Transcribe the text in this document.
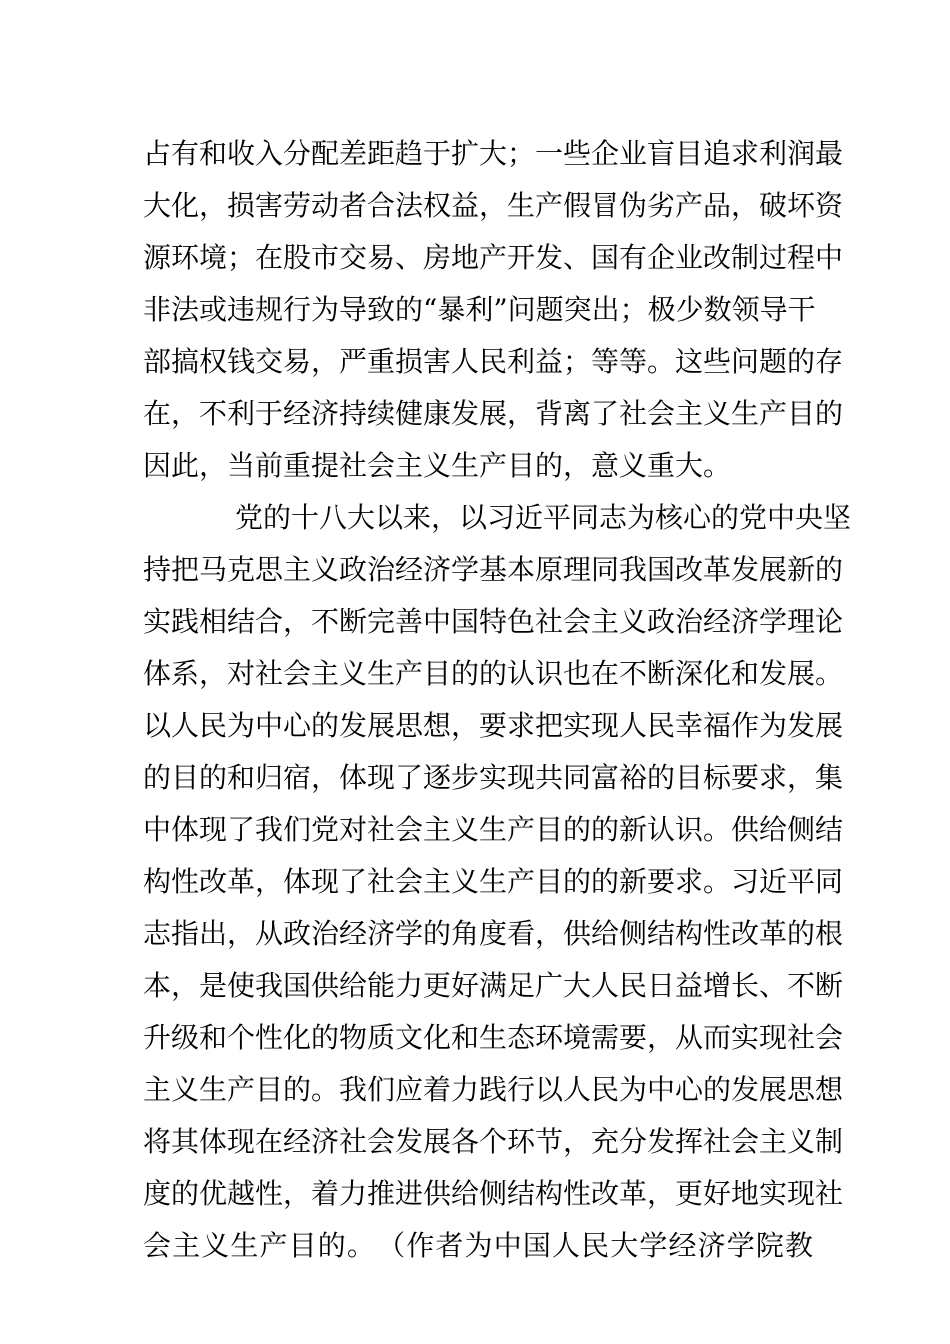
占有和收入分配差距趋于扩大；一些企业盲目追求利润最
大化，损害劳动者合法权益，生产假冒伪劣产品，破坏资
源环境；在股市交易、房地产开发、国有企业改制过程中
非法或违规行为导致的“暴利”问题突出；极少数领导干
部搞权钱交易，严重损害人民利益；等等。这些问题的存
在，不利于经济持续健康发展，背离了社会主义生产目的
因此，当前重提社会主义生产目的，意义重大。
党的十八大以来，以习近平同志为核心的党中央坚
持把马克思主义政治经济学基本原理同我国改革发展新的
实践相结合，不断完善中国特色社会主义政治经济学理论
体系，对社会主义生产目的的认识也在不断深化和发展。
以人民为中心的发展思想，要求把实现人民幸福作为发展
的目的和归宿，体现了逐步实现共同富裕的目标要求，集
中体现了我们党对社会主义生产目的的新认识。供给侧结
构性改革，体现了社会主义生产目的的新要求。习近平同
志指出，从政治经济学的角度看，供给侧结构性改革的根
本，是使我国供给能力更好满足广大人民日益增长、不断
升级和个性化的物质文化和生态环境需要，从而实现社会
主义生产目的。我们应着力践行以人民为中心的发展思想
将其体现在经济社会发展各个环节，充分发挥社会主义制
度的优越性，着力推进供给侧结构性改革，更好地实现社
会主义生产目的。　（作者为中国人民大学经济学院教
